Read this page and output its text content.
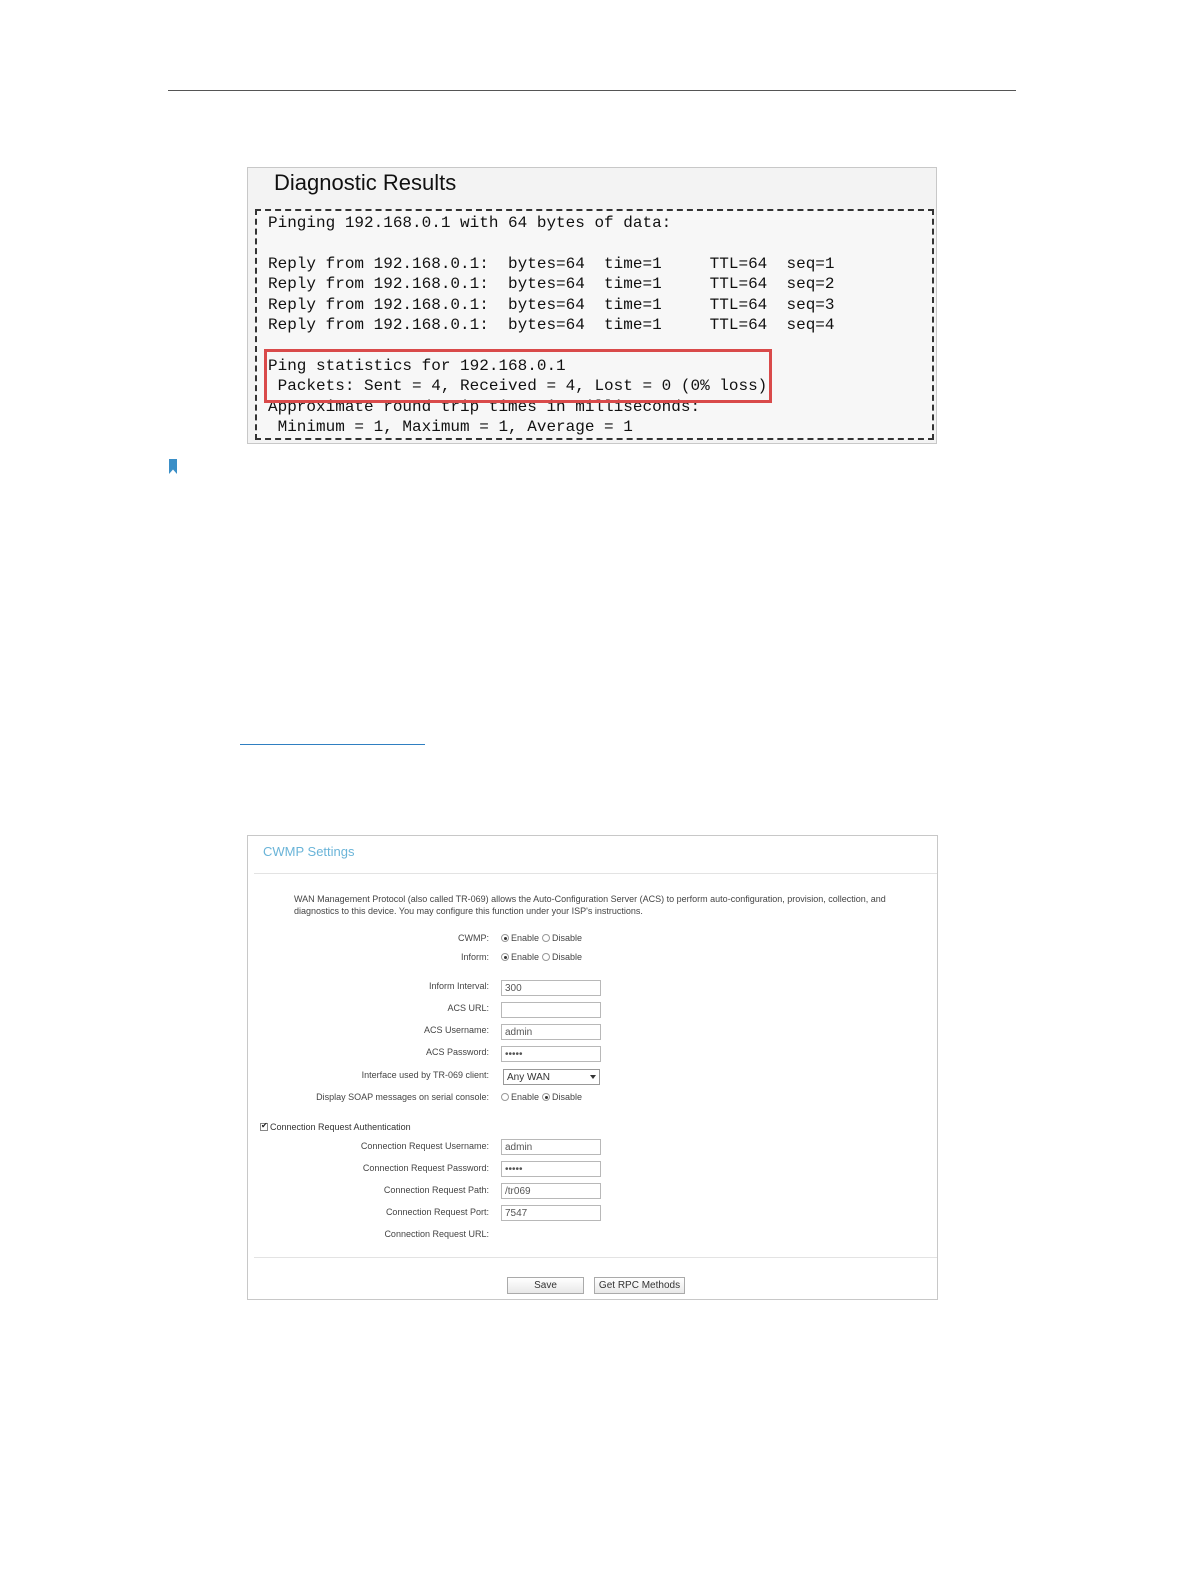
Diagnostic Results
Pinging 192.168.0.1 with 64 bytes of data:
Reply from 192.168.0.1:  bytes=64  time=1     TTL=64  seq=1
Reply from 192.168.0.1:  bytes=64  time=1     TTL=64  seq=2
Reply from 192.168.0.1:  bytes=64  time=1     TTL=64  seq=3
Reply from 192.168.0.1:  bytes=64  time=1     TTL=64  seq=4
Ping statistics for 192.168.0.1
Packets: Sent = 4, Received = 4, Lost = 0 (0% loss)
Approximate round trip times in milliseconds:
Minimum = 1, Maximum = 1, Average = 1
CWMP Settings
WAN Management Protocol (also called TR-069) allows the Auto-Configuration Server (ACS) to perform auto-configuration, provision, collection, and diagnostics to this device. You may configure this function under your ISP's instructions.
CWMP: Enable Disable
Inform: Enable Disable
Inform Interval:	300
ACS URL:
ACS Username:	admin
ACS Password:	•••••
Interface used by TR-069 client:	Any WAN
Display SOAP messages on serial console: Enable Disable
✔ Connection Request Authentication
Connection Request Username:	admin
Connection Request Password:	•••••
Connection Request Path:	/tr069
Connection Request Port:	7547
Connection Request URL:
Save	Get RPC Methods
